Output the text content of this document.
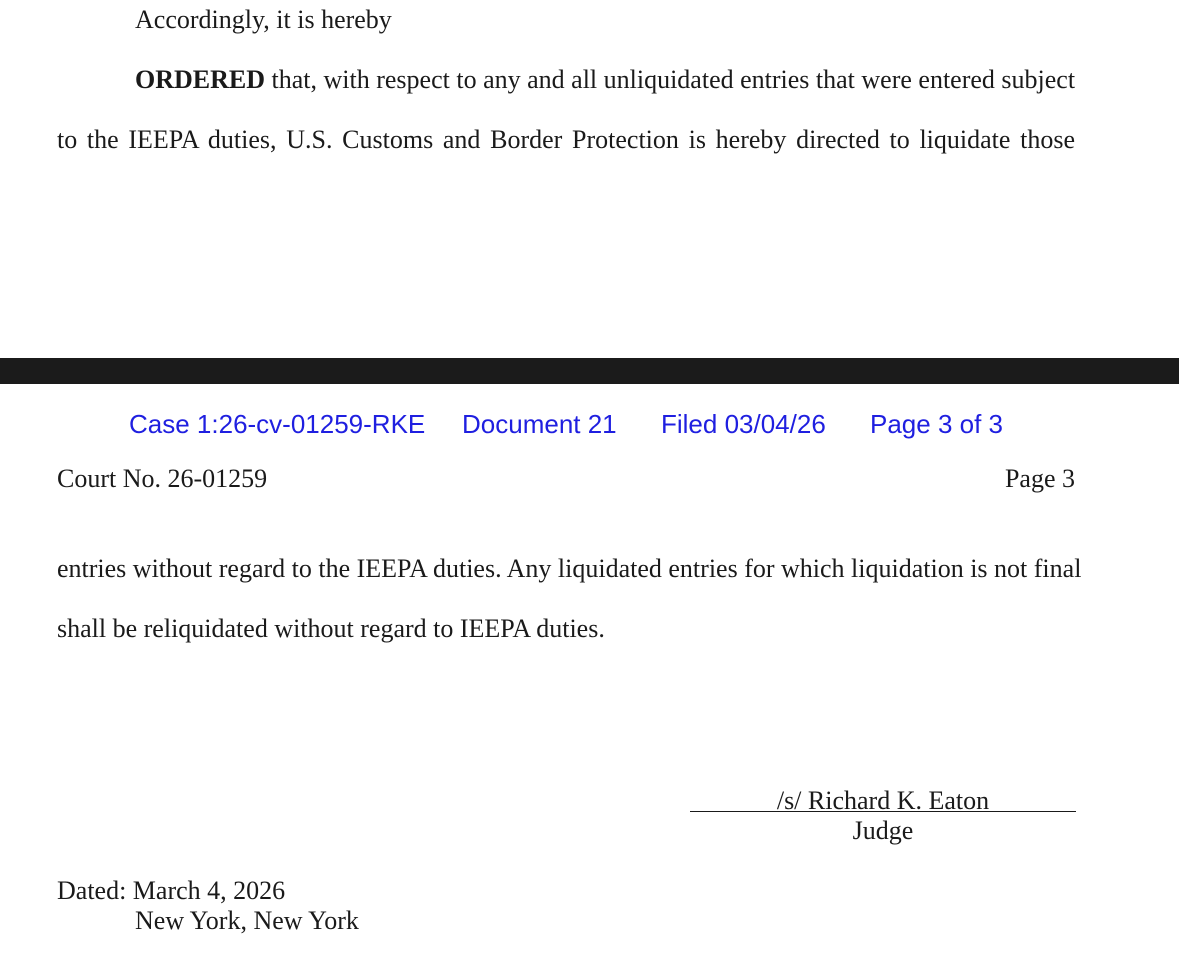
Accordingly, it is hereby
ORDERED that, with respect to any and all unliquidated entries that were entered subject
to the IEEPA duties, U.S. Customs and Border Protection is hereby directed to liquidate those
Case 1:26-cv-01259-RKE Document 21 Filed 03/04/26 Page 3 of 3
Court No. 26-01259	Page 3
entries without regard to the IEEPA duties. Any liquidated entries for which liquidation is not final
shall be reliquidated without regard to IEEPA duties.
/s/ Richard K. Eaton
Judge
Dated: March 4, 2026
New York, New York
